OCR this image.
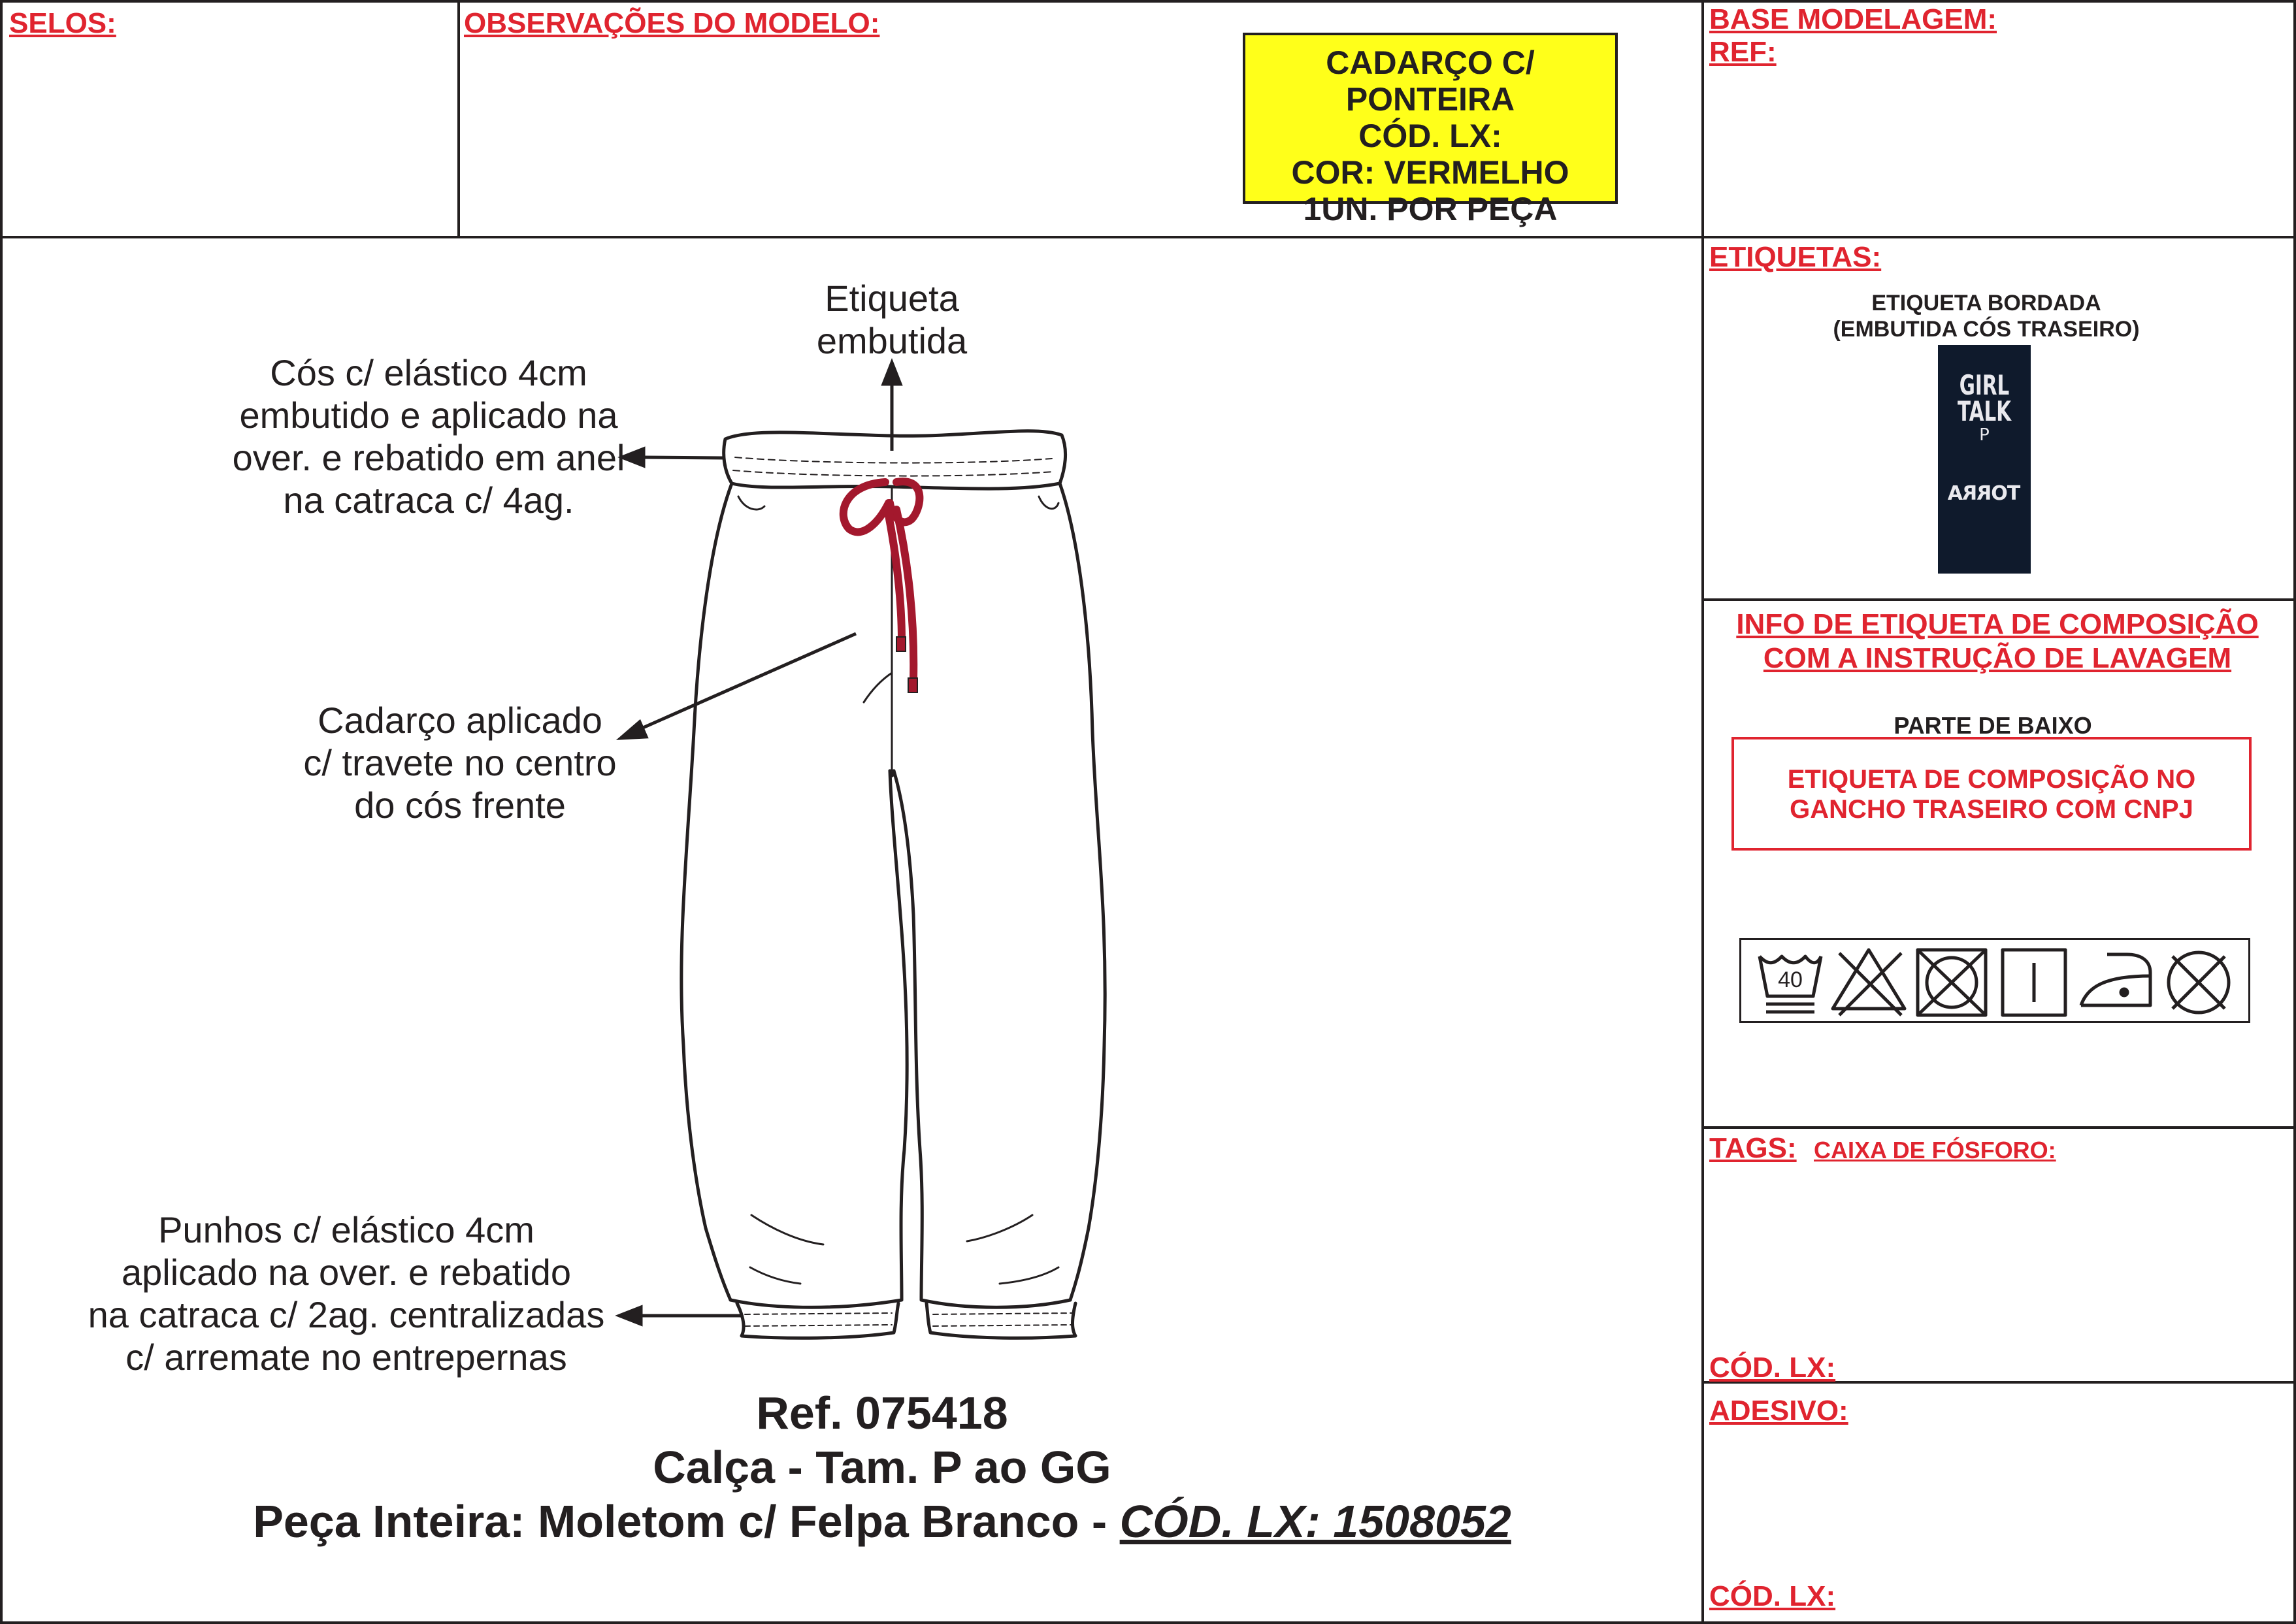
SELOS:	OBSERVAÇÕES DO MODELO:	BASE MODELAGEM:
REF:
CADARÇO C/ PONTEIRA
CÓD. LX:
COR: VERMELHO
1UN. POR PEÇA
Etiqueta
embutida
Cós c/ elástico 4cm
embutido e aplicado na
over. e rebatido em anel
na catraca c/ 4ag.
Cadarço aplicado
c/ travete no centro
do cós frente
Punhos c/ elástico 4cm
aplicado na over. e rebatido
na catraca c/ 2ag. centralizadas
c/ arremate no entrepernas
Ref. 075418
Calça - Tam. P ao GG
Peça Inteira: Moletom c/ Felpa Branco - CÓD. LX: 1508052
ETIQUETAS:
ETIQUETA BORDADA
(EMBUTIDA CÓS TRASEIRO)
GIRL
TALK
P
TORRA
INFO DE ETIQUETA DE COMPOSIÇÃO
COM A INSTRUÇÃO DE LAVAGEM
PARTE DE BAIXO
ETIQUETA DE COMPOSIÇÃO NO
GANCHO TRASEIRO COM CNPJ
40
TAGS: CAIXA DE FÓSFORO:
CÓD. LX:
ADESIVO:
CÓD. LX:
